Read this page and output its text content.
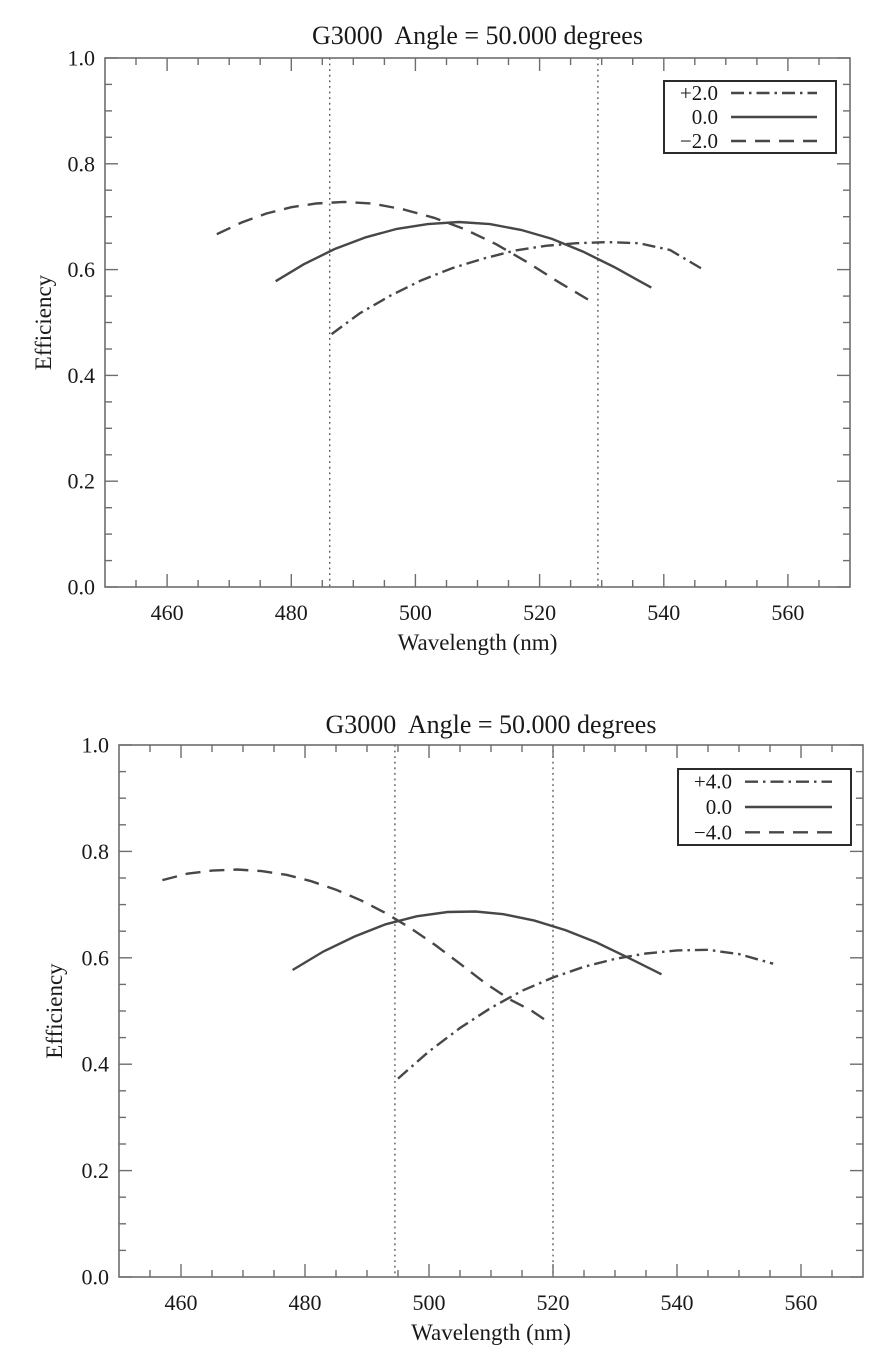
G3000  Angle = 50.000 degrees
Wavelength (nm)
Efficiency
460	480	500	520	540	560
0.0
0.2
0.4
0.6
0.8
1.0
+2.0
0.0
−2.0
G3000  Angle = 50.000 degrees
Wavelength (nm)
Efficiency
460	480	500	520	540	560
0.0
0.2
0.4
0.6
0.8
1.0
+4.0
0.0
−4.0
